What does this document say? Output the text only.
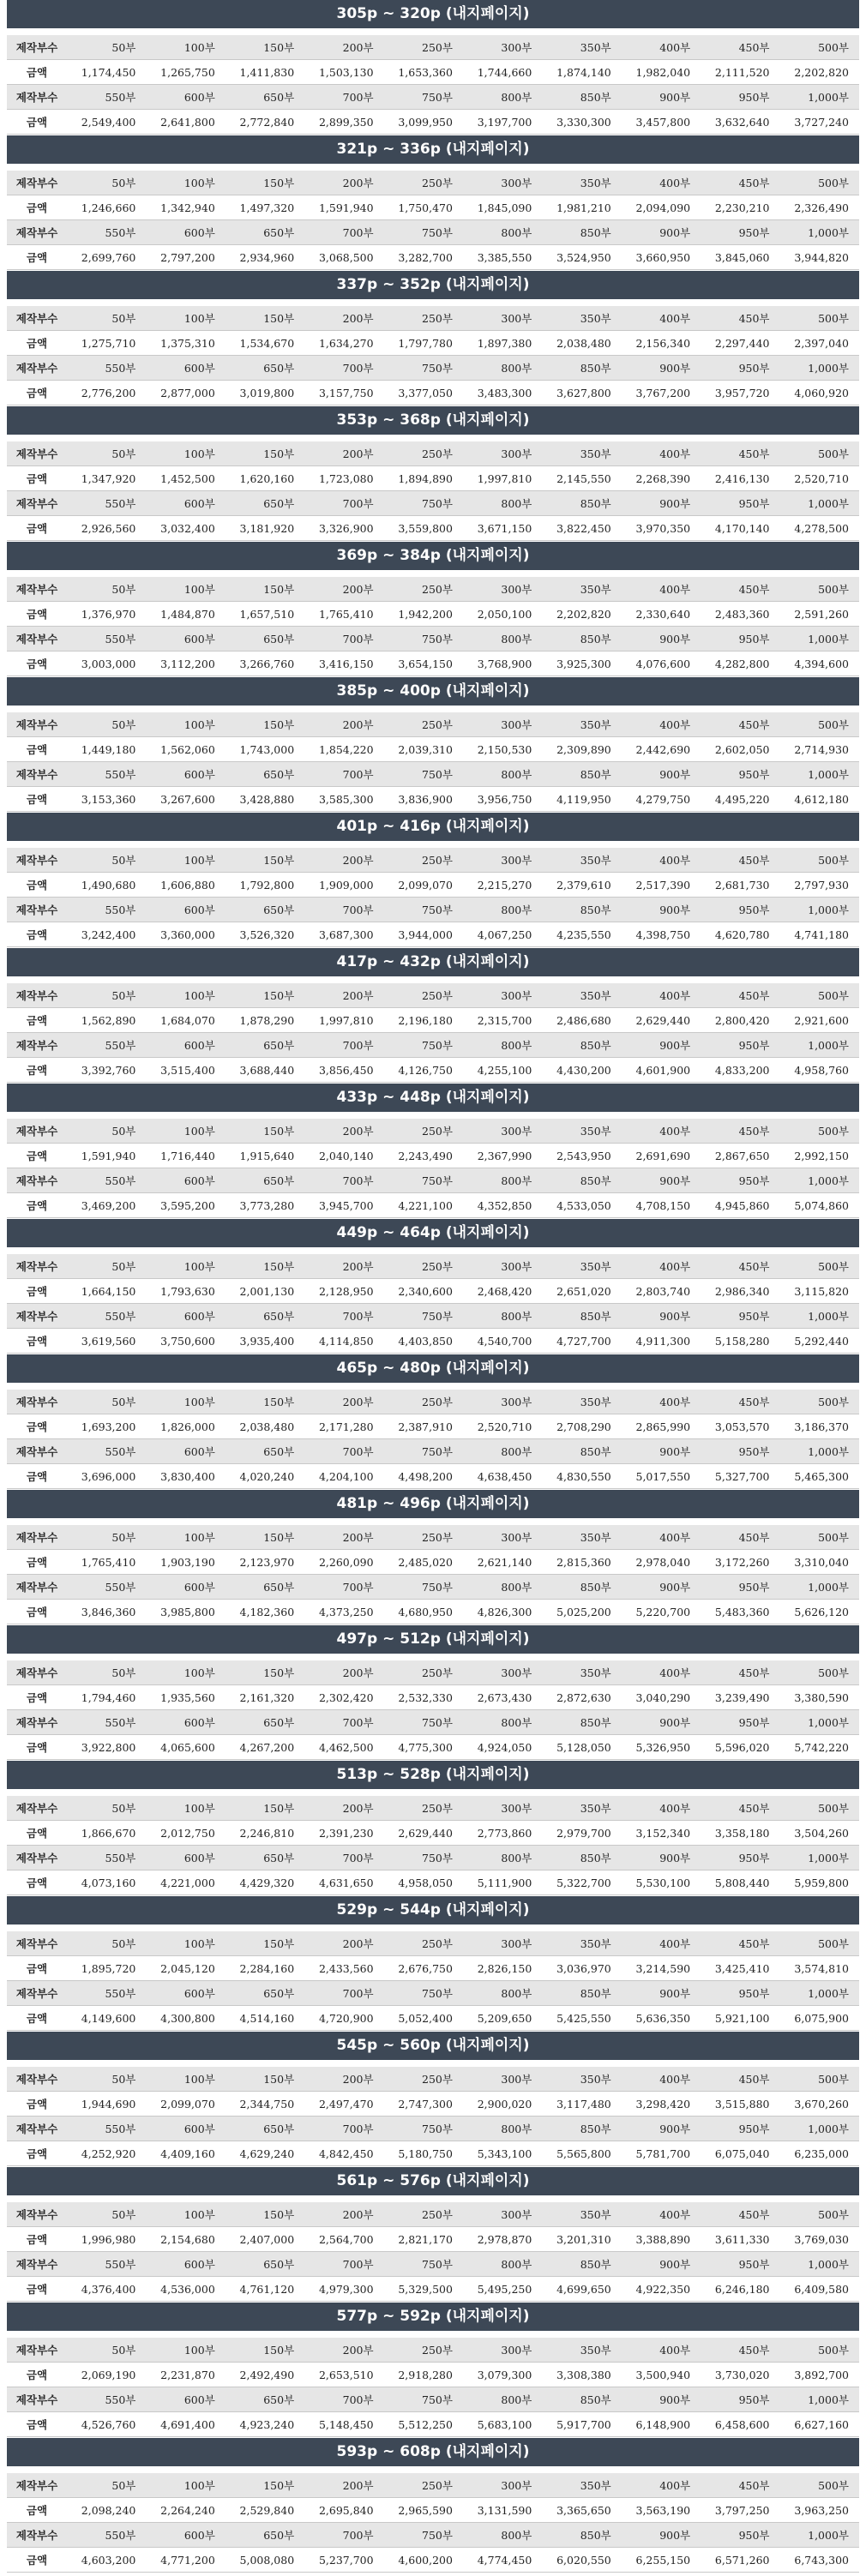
305p ~ 320p (내지페이지)
제작부수	50부	100부	150부	200부	250부	300부	350부	400부	450부	500부
금액	1,174,450	1,265,750	1,411,830	1,503,130	1,653,360	1,744,660	1,874,140	1,982,040	2,111,520	2,202,820
제작부수	550부	600부	650부	700부	750부	800부	850부	900부	950부	1,000부
금액	2,549,400	2,641,800	2,772,840	2,899,350	3,099,950	3,197,700	3,330,300	3,457,800	3,632,640	3,727,240
321p ~ 336p (내지페이지)
제작부수	50부	100부	150부	200부	250부	300부	350부	400부	450부	500부
금액	1,246,660	1,342,940	1,497,320	1,591,940	1,750,470	1,845,090	1,981,210	2,094,090	2,230,210	2,326,490
제작부수	550부	600부	650부	700부	750부	800부	850부	900부	950부	1,000부
금액	2,699,760	2,797,200	2,934,960	3,068,500	3,282,700	3,385,550	3,524,950	3,660,950	3,845,060	3,944,820
337p ~ 352p (내지페이지)
제작부수	50부	100부	150부	200부	250부	300부	350부	400부	450부	500부
금액	1,275,710	1,375,310	1,534,670	1,634,270	1,797,780	1,897,380	2,038,480	2,156,340	2,297,440	2,397,040
제작부수	550부	600부	650부	700부	750부	800부	850부	900부	950부	1,000부
금액	2,776,200	2,877,000	3,019,800	3,157,750	3,377,050	3,483,300	3,627,800	3,767,200	3,957,720	4,060,920
353p ~ 368p (내지페이지)
제작부수	50부	100부	150부	200부	250부	300부	350부	400부	450부	500부
금액	1,347,920	1,452,500	1,620,160	1,723,080	1,894,890	1,997,810	2,145,550	2,268,390	2,416,130	2,520,710
제작부수	550부	600부	650부	700부	750부	800부	850부	900부	950부	1,000부
금액	2,926,560	3,032,400	3,181,920	3,326,900	3,559,800	3,671,150	3,822,450	3,970,350	4,170,140	4,278,500
369p ~ 384p (내지페이지)
제작부수	50부	100부	150부	200부	250부	300부	350부	400부	450부	500부
금액	1,376,970	1,484,870	1,657,510	1,765,410	1,942,200	2,050,100	2,202,820	2,330,640	2,483,360	2,591,260
제작부수	550부	600부	650부	700부	750부	800부	850부	900부	950부	1,000부
금액	3,003,000	3,112,200	3,266,760	3,416,150	3,654,150	3,768,900	3,925,300	4,076,600	4,282,800	4,394,600
385p ~ 400p (내지페이지)
제작부수	50부	100부	150부	200부	250부	300부	350부	400부	450부	500부
금액	1,449,180	1,562,060	1,743,000	1,854,220	2,039,310	2,150,530	2,309,890	2,442,690	2,602,050	2,714,930
제작부수	550부	600부	650부	700부	750부	800부	850부	900부	950부	1,000부
금액	3,153,360	3,267,600	3,428,880	3,585,300	3,836,900	3,956,750	4,119,950	4,279,750	4,495,220	4,612,180
401p ~ 416p (내지페이지)
제작부수	50부	100부	150부	200부	250부	300부	350부	400부	450부	500부
금액	1,490,680	1,606,880	1,792,800	1,909,000	2,099,070	2,215,270	2,379,610	2,517,390	2,681,730	2,797,930
제작부수	550부	600부	650부	700부	750부	800부	850부	900부	950부	1,000부
금액	3,242,400	3,360,000	3,526,320	3,687,300	3,944,000	4,067,250	4,235,550	4,398,750	4,620,780	4,741,180
417p ~ 432p (내지페이지)
제작부수	50부	100부	150부	200부	250부	300부	350부	400부	450부	500부
금액	1,562,890	1,684,070	1,878,290	1,997,810	2,196,180	2,315,700	2,486,680	2,629,440	2,800,420	2,921,600
제작부수	550부	600부	650부	700부	750부	800부	850부	900부	950부	1,000부
금액	3,392,760	3,515,400	3,688,440	3,856,450	4,126,750	4,255,100	4,430,200	4,601,900	4,833,200	4,958,760
433p ~ 448p (내지페이지)
제작부수	50부	100부	150부	200부	250부	300부	350부	400부	450부	500부
금액	1,591,940	1,716,440	1,915,640	2,040,140	2,243,490	2,367,990	2,543,950	2,691,690	2,867,650	2,992,150
제작부수	550부	600부	650부	700부	750부	800부	850부	900부	950부	1,000부
금액	3,469,200	3,595,200	3,773,280	3,945,700	4,221,100	4,352,850	4,533,050	4,708,150	4,945,860	5,074,860
449p ~ 464p (내지페이지)
제작부수	50부	100부	150부	200부	250부	300부	350부	400부	450부	500부
금액	1,664,150	1,793,630	2,001,130	2,128,950	2,340,600	2,468,420	2,651,020	2,803,740	2,986,340	3,115,820
제작부수	550부	600부	650부	700부	750부	800부	850부	900부	950부	1,000부
금액	3,619,560	3,750,600	3,935,400	4,114,850	4,403,850	4,540,700	4,727,700	4,911,300	5,158,280	5,292,440
465p ~ 480p (내지페이지)
제작부수	50부	100부	150부	200부	250부	300부	350부	400부	450부	500부
금액	1,693,200	1,826,000	2,038,480	2,171,280	2,387,910	2,520,710	2,708,290	2,865,990	3,053,570	3,186,370
제작부수	550부	600부	650부	700부	750부	800부	850부	900부	950부	1,000부
금액	3,696,000	3,830,400	4,020,240	4,204,100	4,498,200	4,638,450	4,830,550	5,017,550	5,327,700	5,465,300
481p ~ 496p (내지페이지)
제작부수	50부	100부	150부	200부	250부	300부	350부	400부	450부	500부
금액	1,765,410	1,903,190	2,123,970	2,260,090	2,485,020	2,621,140	2,815,360	2,978,040	3,172,260	3,310,040
제작부수	550부	600부	650부	700부	750부	800부	850부	900부	950부	1,000부
금액	3,846,360	3,985,800	4,182,360	4,373,250	4,680,950	4,826,300	5,025,200	5,220,700	5,483,360	5,626,120
497p ~ 512p (내지페이지)
제작부수	50부	100부	150부	200부	250부	300부	350부	400부	450부	500부
금액	1,794,460	1,935,560	2,161,320	2,302,420	2,532,330	2,673,430	2,872,630	3,040,290	3,239,490	3,380,590
제작부수	550부	600부	650부	700부	750부	800부	850부	900부	950부	1,000부
금액	3,922,800	4,065,600	4,267,200	4,462,500	4,775,300	4,924,050	5,128,050	5,326,950	5,596,020	5,742,220
513p ~ 528p (내지페이지)
제작부수	50부	100부	150부	200부	250부	300부	350부	400부	450부	500부
금액	1,866,670	2,012,750	2,246,810	2,391,230	2,629,440	2,773,860	2,979,700	3,152,340	3,358,180	3,504,260
제작부수	550부	600부	650부	700부	750부	800부	850부	900부	950부	1,000부
금액	4,073,160	4,221,000	4,429,320	4,631,650	4,958,050	5,111,900	5,322,700	5,530,100	5,808,440	5,959,800
529p ~ 544p (내지페이지)
제작부수	50부	100부	150부	200부	250부	300부	350부	400부	450부	500부
금액	1,895,720	2,045,120	2,284,160	2,433,560	2,676,750	2,826,150	3,036,970	3,214,590	3,425,410	3,574,810
제작부수	550부	600부	650부	700부	750부	800부	850부	900부	950부	1,000부
금액	4,149,600	4,300,800	4,514,160	4,720,900	5,052,400	5,209,650	5,425,550	5,636,350	5,921,100	6,075,900
545p ~ 560p (내지페이지)
제작부수	50부	100부	150부	200부	250부	300부	350부	400부	450부	500부
금액	1,944,690	2,099,070	2,344,750	2,497,470	2,747,300	2,900,020	3,117,480	3,298,420	3,515,880	3,670,260
제작부수	550부	600부	650부	700부	750부	800부	850부	900부	950부	1,000부
금액	4,252,920	4,409,160	4,629,240	4,842,450	5,180,750	5,343,100	5,565,800	5,781,700	6,075,040	6,235,000
561p ~ 576p (내지페이지)
제작부수	50부	100부	150부	200부	250부	300부	350부	400부	450부	500부
금액	1,996,980	2,154,680	2,407,000	2,564,700	2,821,170	2,978,870	3,201,310	3,388,890	3,611,330	3,769,030
제작부수	550부	600부	650부	700부	750부	800부	850부	900부	950부	1,000부
금액	4,376,400	4,536,000	4,761,120	4,979,300	5,329,500	5,495,250	4,699,650	4,922,350	6,246,180	6,409,580
577p ~ 592p (내지페이지)
제작부수	50부	100부	150부	200부	250부	300부	350부	400부	450부	500부
금액	2,069,190	2,231,870	2,492,490	2,653,510	2,918,280	3,079,300	3,308,380	3,500,940	3,730,020	3,892,700
제작부수	550부	600부	650부	700부	750부	800부	850부	900부	950부	1,000부
금액	4,526,760	4,691,400	4,923,240	5,148,450	5,512,250	5,683,100	5,917,700	6,148,900	6,458,600	6,627,160
593p ~ 608p (내지페이지)
제작부수	50부	100부	150부	200부	250부	300부	350부	400부	450부	500부
금액	2,098,240	2,264,240	2,529,840	2,695,840	2,965,590	3,131,590	3,365,650	3,563,190	3,797,250	3,963,250
제작부수	550부	600부	650부	700부	750부	800부	850부	900부	950부	1,000부
금액	4,603,200	4,771,200	5,008,080	5,237,700	4,600,200	4,774,450	6,020,550	6,255,150	6,571,260	6,743,300
